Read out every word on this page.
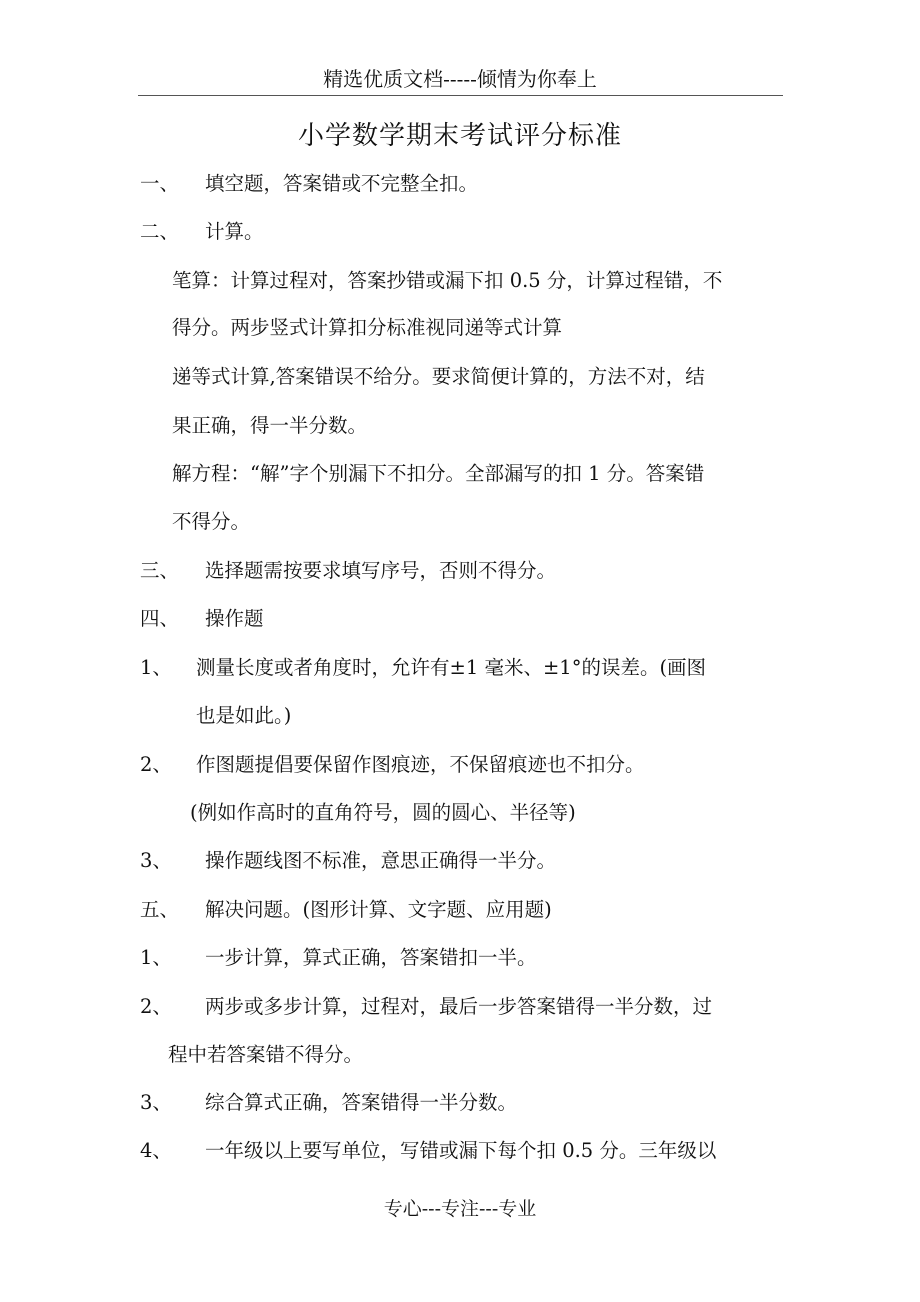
精选优质文档-----倾情为你奉上
小学数学期末考试评分标准
一、 填空题，答案错或不完整全扣。
二、 计算。
笔算：计算过程对，答案抄错或漏下扣 0.5 分，计算过程错，不
得分。两步竖式计算扣分标准视同递等式计算
递等式计算,答案错误不给分。要求简便计算的，方法不对，结
果正确，得一半分数。
解方程：“解”字个别漏下不扣分。全部漏写的扣 1 分。答案错
不得分。
三、 选择题需按要求填写序号，否则不得分。
四、 操作题
1、 测量长度或者角度时，允许有±1 毫米、±1°的误差。(画图
也是如此。)
2、 作图题提倡要保留作图痕迹，不保留痕迹也不扣分。
(例如作高时的直角符号，圆的圆心、半径等)
3、 操作题线图不标准，意思正确得一半分。
五、 解决问题。(图形计算、文字题、应用题)
1、 一步计算，算式正确，答案错扣一半。
2、 两步或多步计算，过程对，最后一步答案错得一半分数，过
程中若答案错不得分。
3、 综合算式正确，答案错得一半分数。
4、 一年级以上要写单位，写错或漏下每个扣 0.5 分。三年级以
专心---专注---专业
